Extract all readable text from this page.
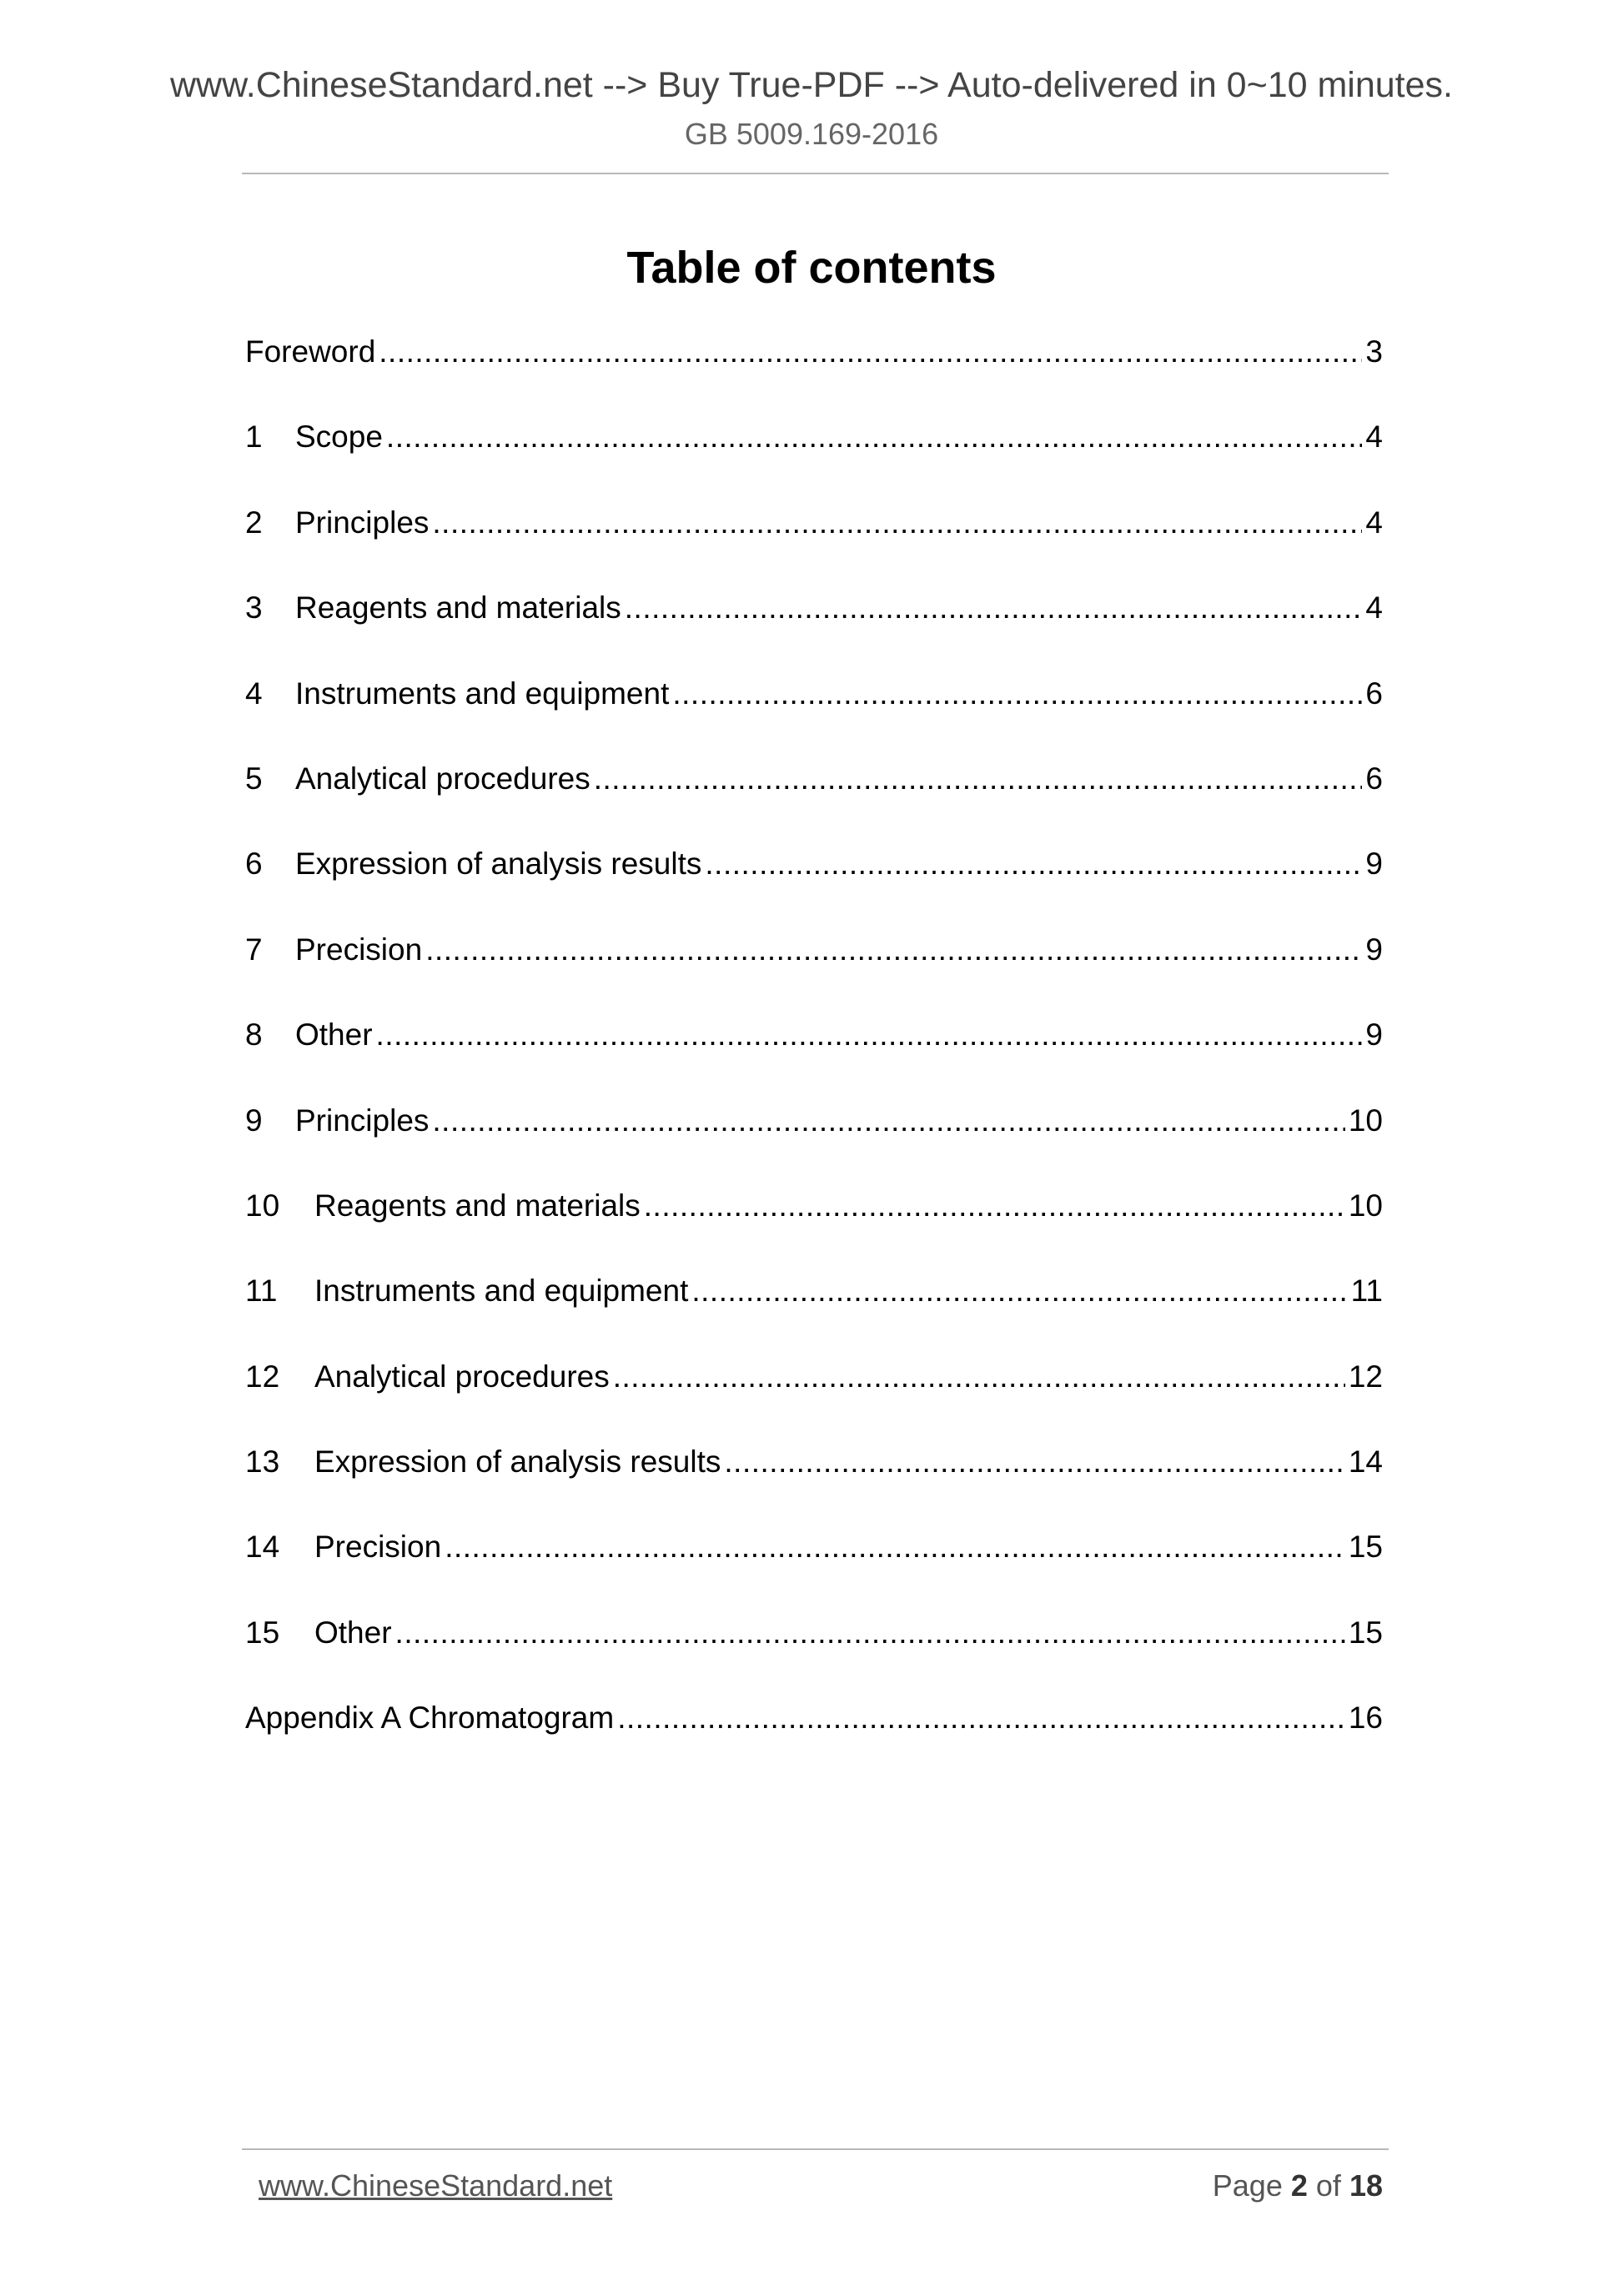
www.ChineseStandard.net --> Buy True-PDF --> Auto-delivered in 0~10 minutes.
GB 5009.169-2016
Table of contents
Foreword .....	3
1	Scope .....	4
2	Principles .....	4
3	Reagents and materials .....	4
4	Instruments and equipment .....	6
5	Analytical procedures .....	6
6	Expression of analysis results .....	9
7	Precision .....	9
8	Other .....	9
9	Principles .....	10
10	Reagents and materials .....	10
11	Instruments and equipment .....	11
12	Analytical procedures .....	12
13	Expression of analysis results .....	14
14	Precision .....	15
15	Other .....	15
Appendix A Chromatogram .....	16
www.ChineseStandard.net	Page 2 of 18
